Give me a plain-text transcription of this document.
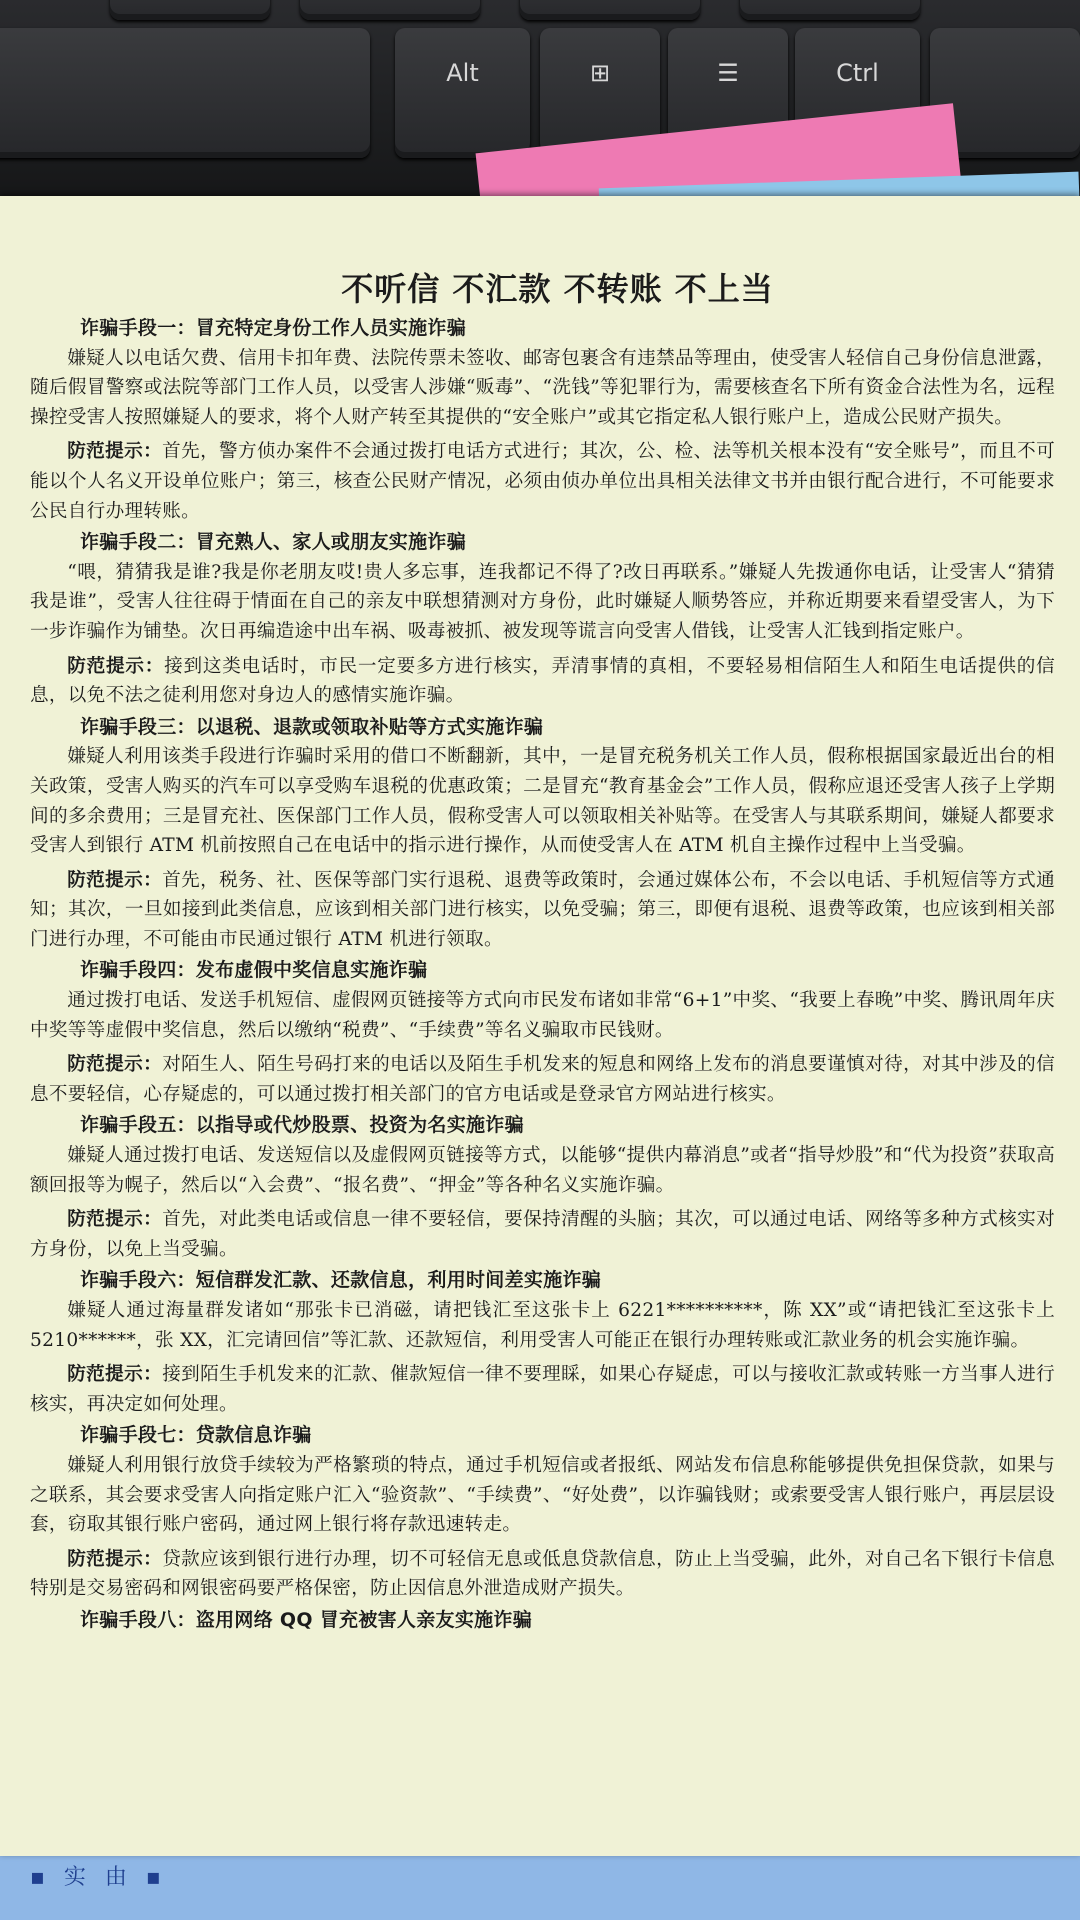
Alt	⊞	☰	Ctrl
▪ 实 由 ▪
不听信 不汇款 不转账 不上当
诈骗手段一：冒充特定身份工作人员实施诈骗

嫌疑人以电话欠费、信用卡扣年费、法院传票未签收、邮寄包裹含有违禁品等理由，使受害人轻信自己身份信息泄露，随后假冒警察或法院等部门工作人员，以受害人涉嫌“贩毒”、“洗钱”等犯罪行为，需要核查名下所有资金合法性为名，远程操控受害人按照嫌疑人的要求，将个人财产转至其提供的“安全账户”或其它指定私人银行账户上，造成公民财产损失。

防范提示：首先，警方侦办案件不会通过拨打电话方式进行；其次，公、检、法等机关根本没有“安全账号”，而且不可能以个人名义开设单位账户；第三，核查公民财产情况，必须由侦办单位出具相关法律文书并由银行配合进行，不可能要求公民自行办理转账。

诈骗手段二：冒充熟人、家人或朋友实施诈骗

“喂，猜猜我是谁?我是你老朋友哎!贵人多忘事，连我都记不得了?改日再联系。”嫌疑人先拨通你电话，让受害人“猜猜我是谁”，受害人往往碍于情面在自己的亲友中联想猜测对方身份，此时嫌疑人顺势答应，并称近期要来看望受害人，为下一步诈骗作为铺垫。次日再编造途中出车祸、吸毒被抓、被发现等谎言向受害人借钱，让受害人汇钱到指定账户。

防范提示：接到这类电话时，市民一定要多方进行核实，弄清事情的真相，不要轻易相信陌生人和陌生电话提供的信息，以免不法之徒利用您对身边人的感情实施诈骗。

诈骗手段三：以退税、退款或领取补贴等方式实施诈骗

嫌疑人利用该类手段进行诈骗时采用的借口不断翻新，其中，一是冒充税务机关工作人员，假称根据国家最近出台的相关政策，受害人购买的汽车可以享受购车退税的优惠政策；二是冒充“教育基金会”工作人员，假称应退还受害人孩子上学期间的多余费用；三是冒充社、医保部门工作人员，假称受害人可以领取相关补贴等。在受害人与其联系期间，嫌疑人都要求受害人到银行 ATM 机前按照自己在电话中的指示进行操作，从而使受害人在 ATM 机自主操作过程中上当受骗。

防范提示：首先，税务、社、医保等部门实行退税、退费等政策时，会通过媒体公布，不会以电话、手机短信等方式通知；其次，一旦如接到此类信息，应该到相关部门进行核实，以免受骗；第三，即便有退税、退费等政策，也应该到相关部门进行办理，不可能由市民通过银行 ATM 机进行领取。

诈骗手段四：发布虚假中奖信息实施诈骗

通过拨打电话、发送手机短信、虚假网页链接等方式向市民发布诸如非常“6+1”中奖、“我要上春晚”中奖、腾讯周年庆中奖等等虚假中奖信息，然后以缴纳“税费”、“手续费”等名义骗取市民钱财。

防范提示：对陌生人、陌生号码打来的电话以及陌生手机发来的短息和网络上发布的消息要谨慎对待，对其中涉及的信息不要轻信，心存疑虑的，可以通过拨打相关部门的官方电话或是登录官方网站进行核实。

诈骗手段五：以指导或代炒股票、投资为名实施诈骗

嫌疑人通过拨打电话、发送短信以及虚假网页链接等方式，以能够“提供内幕消息”或者“指导炒股”和“代为投资”获取高额回报等为幌子，然后以“入会费”、“报名费”、“押金”等各种名义实施诈骗。

防范提示：首先，对此类电话或信息一律不要轻信，要保持清醒的头脑；其次，可以通过电话、网络等多种方式核实对方身份，以免上当受骗。

诈骗手段六：短信群发汇款、还款信息，利用时间差实施诈骗

嫌疑人通过海量群发诸如“那张卡已消磁，请把钱汇至这张卡上 6221**********，陈 XX”或“请把钱汇至这张卡上 5210******，张 XX，汇完请回信”等汇款、还款短信，利用受害人可能正在银行办理转账或汇款业务的机会实施诈骗。

防范提示：接到陌生手机发来的汇款、催款短信一律不要理睬，如果心存疑虑，可以与接收汇款或转账一方当事人进行核实，再决定如何处理。

诈骗手段七：贷款信息诈骗

嫌疑人利用银行放贷手续较为严格繁琐的特点，通过手机短信或者报纸、网站发布信息称能够提供免担保贷款，如果与之联系，其会要求受害人向指定账户汇入“验资款”、“手续费”、“好处费”，以诈骗钱财；或索要受害人银行账户，再层层设套，窃取其银行账户密码，通过网上银行将存款迅速转走。

防范提示：贷款应该到银行进行办理，切不可轻信无息或低息贷款信息，防止上当受骗，此外，对自己名下银行卡信息特别是交易密码和网银密码要严格保密，防止因信息外泄造成财产损失。

诈骗手段八：盗用网络 QQ 冒充被害人亲友实施诈骗
